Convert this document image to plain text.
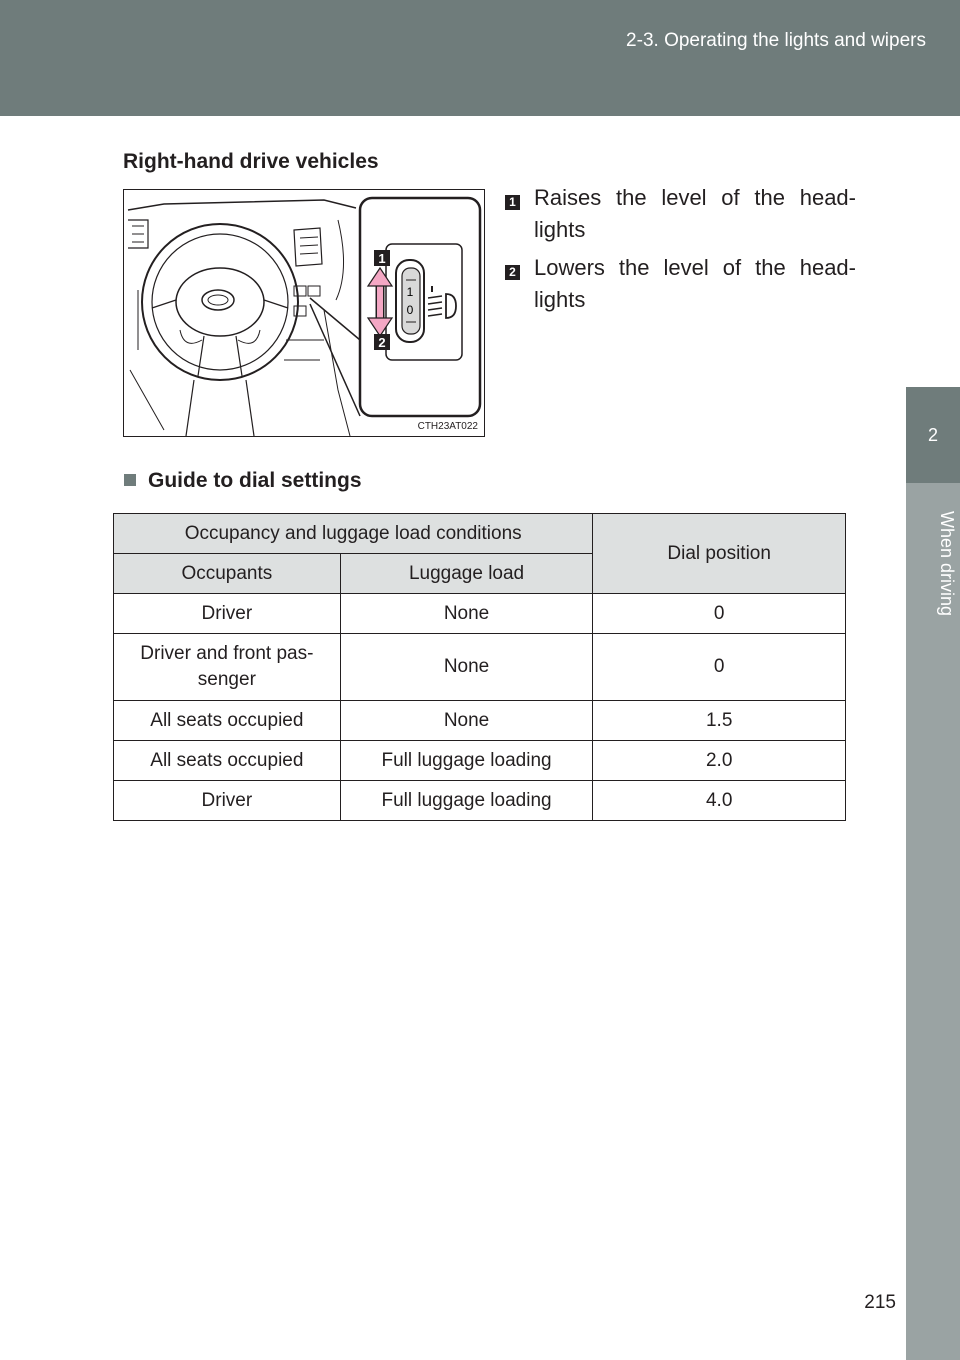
2-3. Operating the lights and wipers
2
When driving
Right-hand drive vehicles
1
0
1
2
CTH23AT022
1 Raises the level of the head-lights
2 Lowers the level of the head-lights
Guide to dial settings
Occupancy and luggage load conditions		Dial position
Occupants	Luggage load	
Driver	None	0
Driver and front pas-senger	None	0
All seats occupied	None	1.5
All seats occupied	Full luggage loading	2.0
Driver	Full luggage loading	4.0
215
